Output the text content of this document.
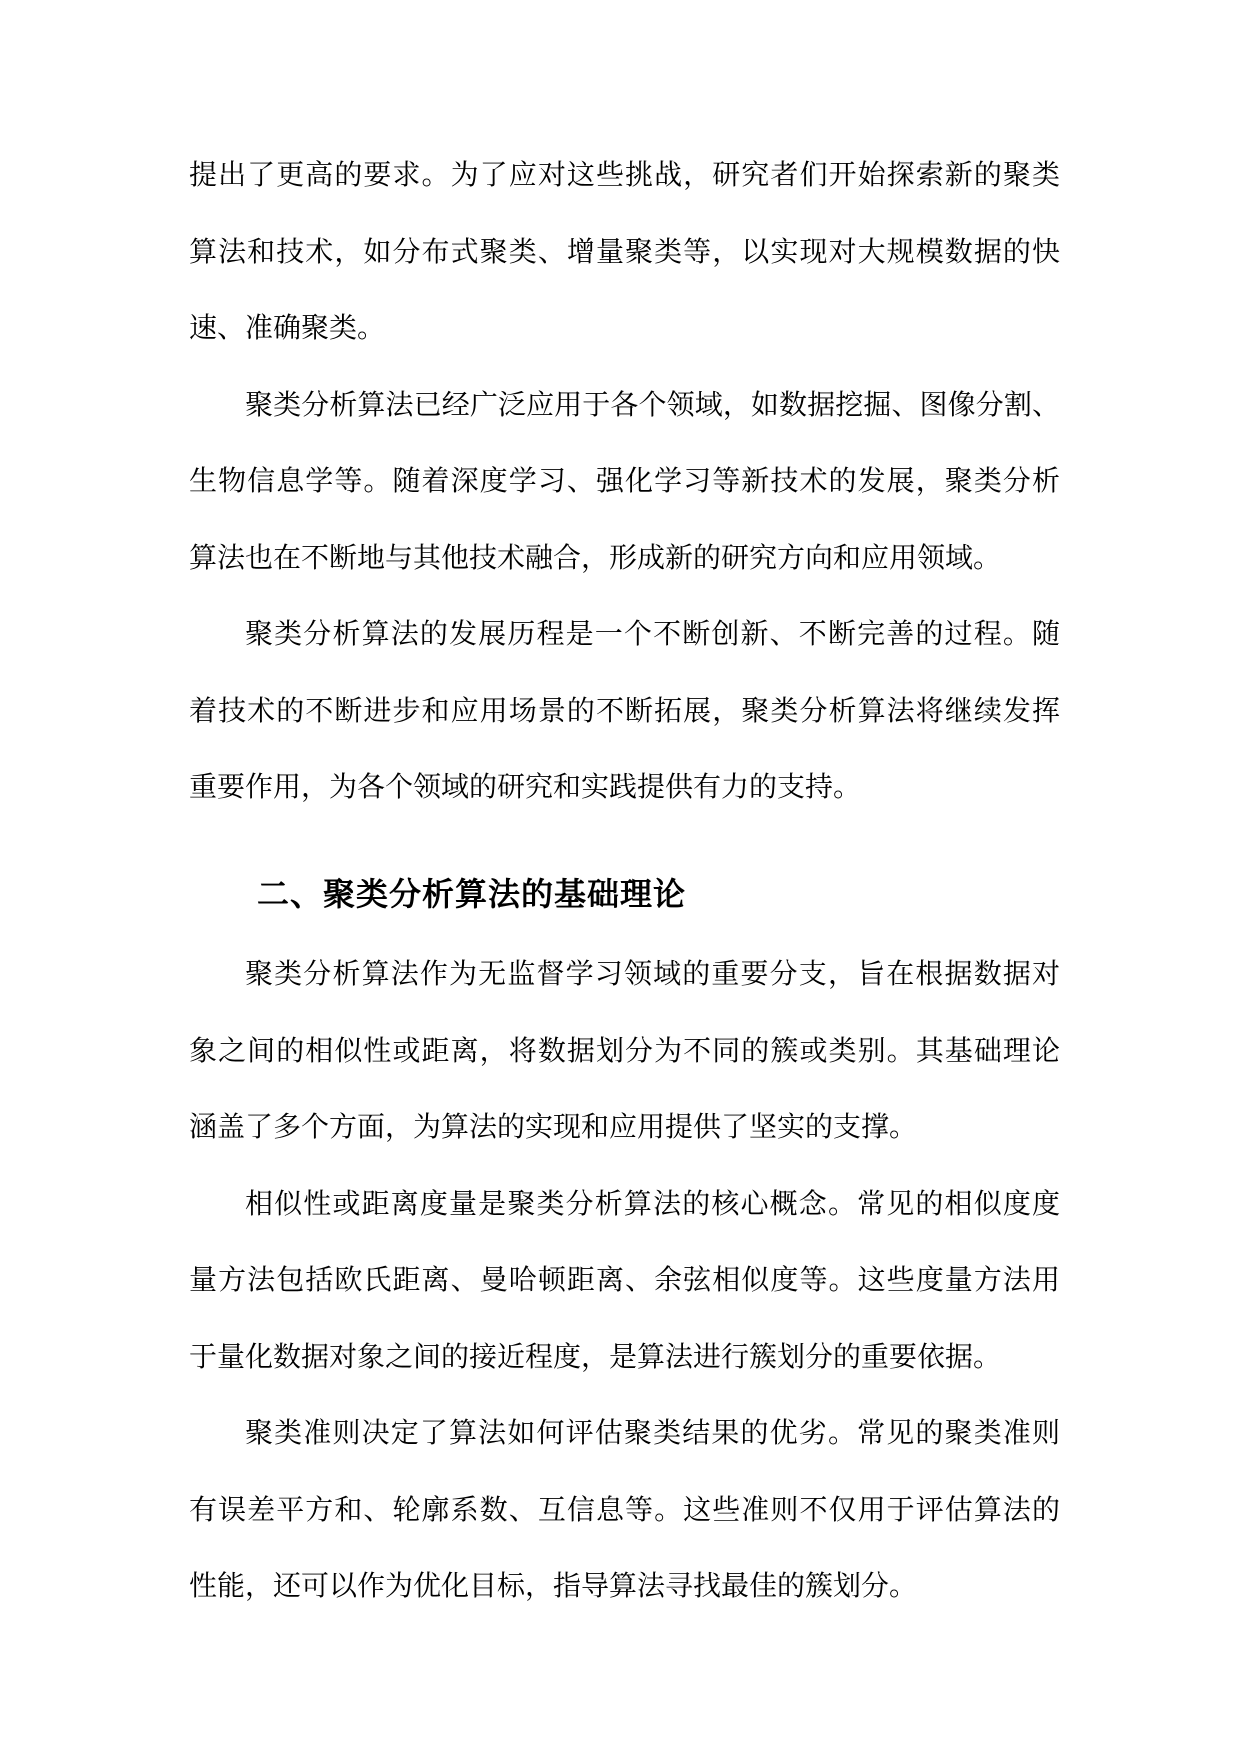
提出了更高的要求。为了应对这些挑战，研究者们开始探索新的聚类
算法和技术，如分布式聚类、增量聚类等，以实现对大规模数据的快
速、准确聚类。
聚类分析算法已经广泛应用于各个领域，如数据挖掘、图像分割、
生物信息学等。随着深度学习、强化学习等新技术的发展，聚类分析
算法也在不断地与其他技术融合，形成新的研究方向和应用领域。
聚类分析算法的发展历程是一个不断创新、不断完善的过程。随
着技术的不断进步和应用场景的不断拓展，聚类分析算法将继续发挥
重要作用，为各个领域的研究和实践提供有力的支持。
二、聚类分析算法的基础理论
聚类分析算法作为无监督学习领域的重要分支，旨在根据数据对
象之间的相似性或距离，将数据划分为不同的簇或类别。其基础理论
涵盖了多个方面，为算法的实现和应用提供了坚实的支撑。
相似性或距离度量是聚类分析算法的核心概念。常见的相似度度
量方法包括欧氏距离、曼哈顿距离、余弦相似度等。这些度量方法用
于量化数据对象之间的接近程度，是算法进行簇划分的重要依据。
聚类准则决定了算法如何评估聚类结果的优劣。常见的聚类准则
有误差平方和、轮廓系数、互信息等。这些准则不仅用于评估算法的
性能，还可以作为优化目标，指导算法寻找最佳的簇划分。
